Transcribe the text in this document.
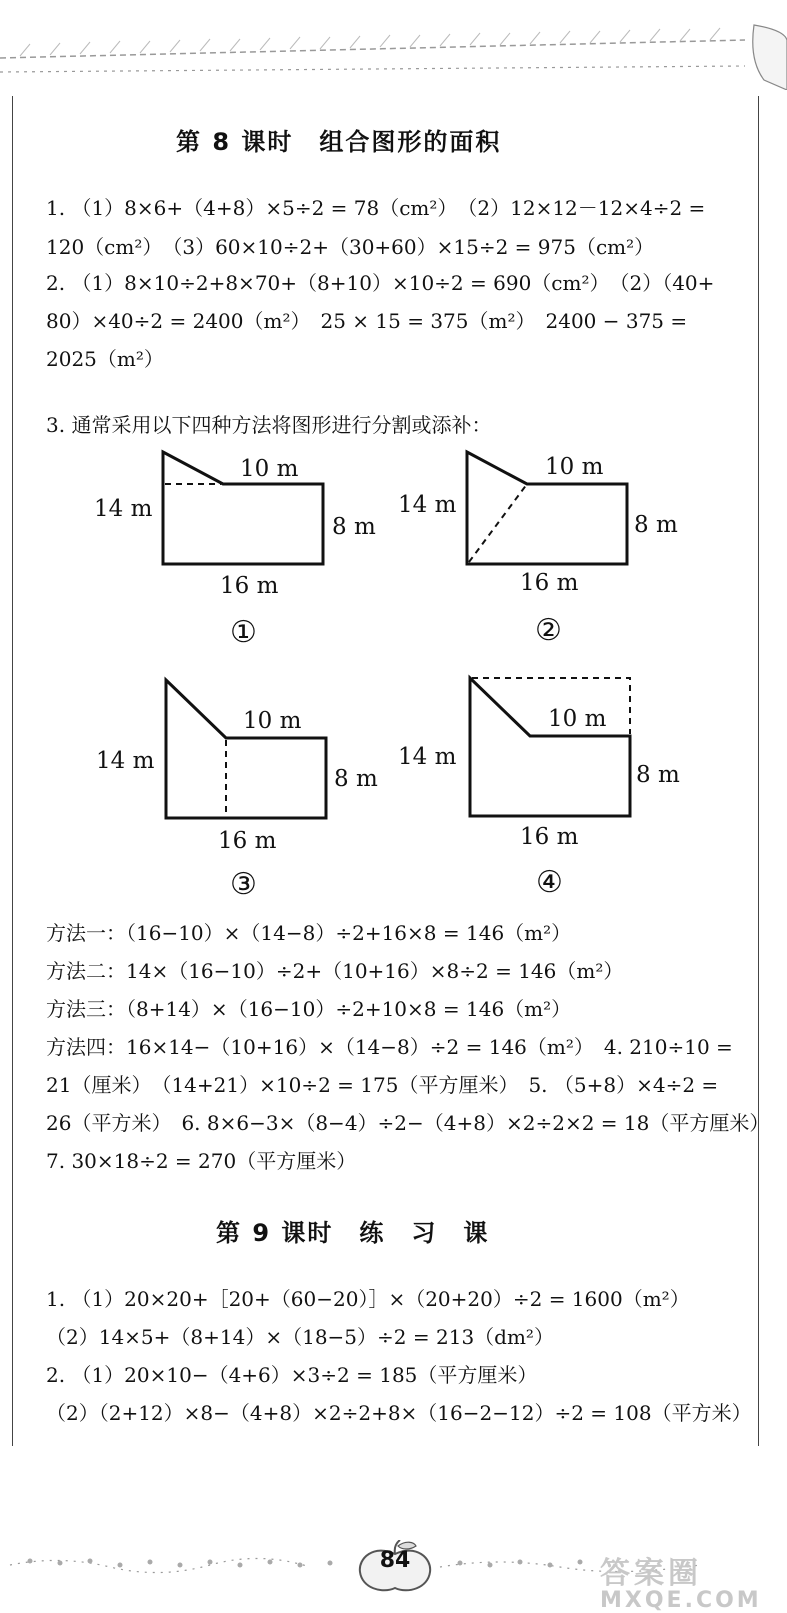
第 8 课时　组合图形的面积
1. （1）8×6+（4+8）×5÷2 = 78（cm²）　（2）12×12－12×4÷2 =
120（cm²）　（3）60×10÷2+（30+60）×15÷2 = 975（cm²）
2. （1）8×10÷2+8×70+（8+10）×10÷2 = 690（cm²）　（2）（40+
80）×40÷2 = 2400（m²）　25 × 15 = 375（m²）　2400 − 375 =
2025（m²）
3. 通常采用以下四种方法将图形进行分割或添补：
10 m
14 m
8 m
16 m
①
10 m
14 m
8 m
16 m
②
10 m
14 m
8 m
16 m
③
10 m
14 m
8 m
16 m
④
方法一：（16−10）×（14−8）÷2+16×8 = 146（m²）
方法二：14×（16−10）÷2+（10+16）×8÷2 = 146（m²）
方法三：（8+14）×（16−10）÷2+10×8 = 146（m²）
方法四：16×14−（10+16）×（14−8）÷2 = 146（m²）　4. 210÷10 =
21（厘米）　（14+21）×10÷2 = 175（平方厘米）　5. （5+8）×4÷2 =
26（平方米）　6. 8×6−3×（8−4）÷2−（4+8）×2÷2×2 = 18（平方厘米）
7. 30×18÷2 = 270（平方厘米）
第 9 课时　练　习　课
1. （1）20×20+［20+（60−20）］×（20+20）÷2 = 1600（m²）
（2）14×5+（8+14）×（18−5）÷2 = 213（dm²）
2. （1）20×10−（4+6）×3÷2 = 185（平方厘米）
（2）（2+12）×8−（4+8）×2÷2+8×（16−2−12）÷2 = 108（平方米）
84	答案圈
MXQE.COM
